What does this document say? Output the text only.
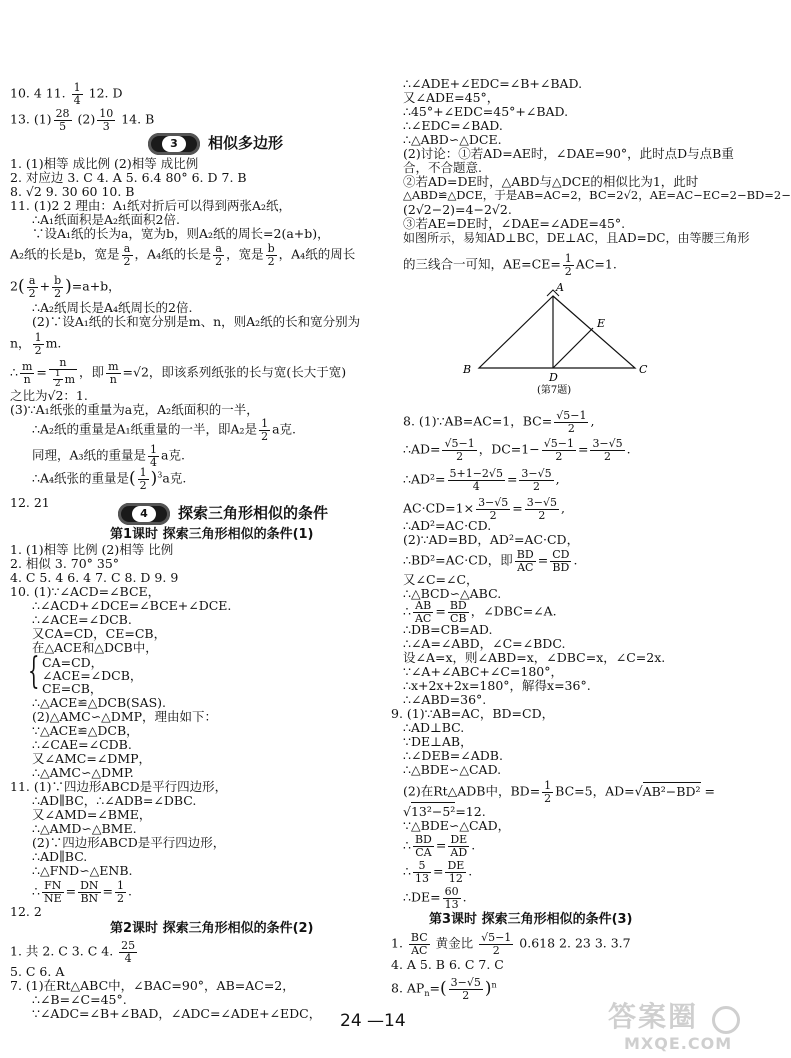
10. 4 11. $\frac{1}{4} 12$. D
13. $(1) \frac{28}{5} (2) \frac{10}{3} 14$. B
3	相似多边形
1. (1)相等 成比例 (2)相等 成比例
2. 对应边 3. C 4. A 5. 6.4 80° 6. D 7. B
8. √2 9. 30 60 10. B
11. (1)2 2 理由：A₁纸对折后可以得到两张A₂纸，
∴A₁纸面积是A₂纸面积2倍.
∵设A₁纸的长为a，宽为b，则A₂纸的周长=2(a+b)，
A₂纸的长是b，宽是 $\frac{a}{2}$ ，A₄纸的长是 $\frac{a}{2}$ ，宽是 $\frac{b}{2}$ ，A₄纸的周长
$2( \frac{a}{2} + \frac{b}{2} )=a+b$，
∴A₂纸周长是A₄纸周长的2倍.
(2)∵设A₁纸的长和宽分别是m、n，则A₂纸的长和宽分别为
n， $\frac{1}{2} m$.
∴ $\frac{m}{n} = \frac{n}{\frac{1}{2} m}$ ，即 $\frac{m}{n} =√2$，即该系列纸张的长与宽(长大于宽)
之比为√2：1.
(3)∵A₁纸张的重量为a克，A₂纸面积的一半，
∴A₂纸的重量是A₁纸重量的一半，即A₂是 $\frac{1}{2}$ a克.
同理，A₃纸的重量是 $\frac{1}{4}$ a克.
∴A₄纸张的重量是( $\frac{1}{2} )^3a$克.
12. 21
4	探索三角形相似的条件
第1课时 探索三角形相似的条件(1)
1. (1)相等 比例 (2)相等 比例
2. 相似 3. 70° 35°
4. C 5. 4 6. 4 7. C 8. D 9. 9
10. (1)∵∠ACD=∠BCE，
∴∠ACD+∠DCE=∠BCE+∠DCE.
∴∠ACE=∠DCB.
又CA=CD，CE=CB，
在△ACE和△DCB中，
{ CA=CD，
∠ACE=∠DCB，
CE=CB，
∴△ACE≌△DCB(SAS).
(2)△AMC∽△DMP，理由如下：
∵△ACE≌△DCB，
∴∠CAE=∠CDB.
又∠AMC=∠DMP，
∴△AMC∽△DMP.
11. (1)∵四边形ABCD是平行四边形，
∴AD∥BC，∴∠ADB=∠DBC.
又∠AMD=∠BME，
∴△AMD∽△BME.
(2)∵四边形ABCD是平行四边形，
∴AD∥BC.
∴△FND∽△ENB.
∴ $\frac{FN}{NE} = \frac{DN}{BN} = \frac{1}{2}$ .
12. 2
第2课时 探索三角形相似的条件(2)
1. 共 2. C 3. C 4. $\frac{25}{4}$
5. C 6. A
7. (1)在Rt△ABC中，∠BAC=90°，AB=AC=2，
∴∠B=∠C=45°.
∵∠ADC=∠B+∠BAD，∠ADC=∠ADE+∠EDC，
∴∠ADE+∠EDC=∠B+∠BAD.
又∠ADE=45°，
∴45°+∠EDC=45°+∠BAD.
∴∠EDC=∠BAD.
∴△ABD∽△DCE.
(2)讨论：①若AD=AE时，∠DAE=90°，此时点D与点B重
合，不合题意.
②若AD=DE时，△ABD与△DCE的相似比为1，此时
△ABD≌△DCE，于是AB=AC=2，BC=2√2，AE=AC−EC=2−BD=2−
(2√2−2)=4−2√2.
③若AE=DE时，∠DAE=∠ADE=45°.
如图所示，易知AD⊥BC，DE⊥AC，且AD=DC，由等腰三角形
的三线合一可知，$AE=CE= \frac{1}{2} AC=1$.
8. (1)∵AB=AC=1，$BC= \frac{√5-1}{2}$ ,
∴AD= $\frac{√5-1}{2}$ ，$DC=1- \frac{√5-1}{2} = \frac{3-√5}{2}$ .
∴AD²= $\frac{5+1-2√5}{4} = \frac{3-√5}{2}$ ,
$AC\cdot CD=1\times \frac{3-√5}{2} = \frac{3-√5}{2}$ ,
∴AD²=AC·CD.
(2)∵AD=BD，AD²=AC·CD，
∴BD²=AC·CD，即 $\frac{BD}{AC} = \frac{CD}{BD}$ .
又∠C=∠C，
∴△BCD∽△ABC.
∴ $\frac{AB}{AC} = \frac{BD}{CB}$ ，∠DBC=∠A.
∴DB=CB=AD.
∴∠A=∠ABD，∠C=∠BDC.
设∠A=x，则∠ABD=x，∠DBC=x，∠C=2x.
∵∠A+∠ABC+∠C=180°，
∴x+2x+2x=180°，解得x=36°.
∴∠ABD=36°.
9. (1)∵AB=AC，BD=CD，
∴AD⊥BC.
∵DE⊥AB，
∴∠DEB=∠ADB.
∴△BDE∽△CAD.
(2)在Rt△ADB中，$BD= \frac{1}{2} BC=5$，AD=√AB²−BD² =
√13²−5²=12.
∵△BDE∽△CAD，
∴ $\frac{BD}{CA} = \frac{DE}{AD}$ .
∴ $\frac{5}{13} = \frac{DE}{12}$ .
∴DE= $\frac{60}{13}$ .
第3课时 探索三角形相似的条件(3)
1. $\frac{BC}{AC}$ 黄金比 $\frac{√5-1}{2} 0.618$ 2. 23 3. 3.7
4. A 5. B 6. C 7. C
8. $AP_n=( \frac{3-√5}{2} )^n$
A
B	C
D
E
(第7题)
24 —14	答案圈
MXQE.COM
